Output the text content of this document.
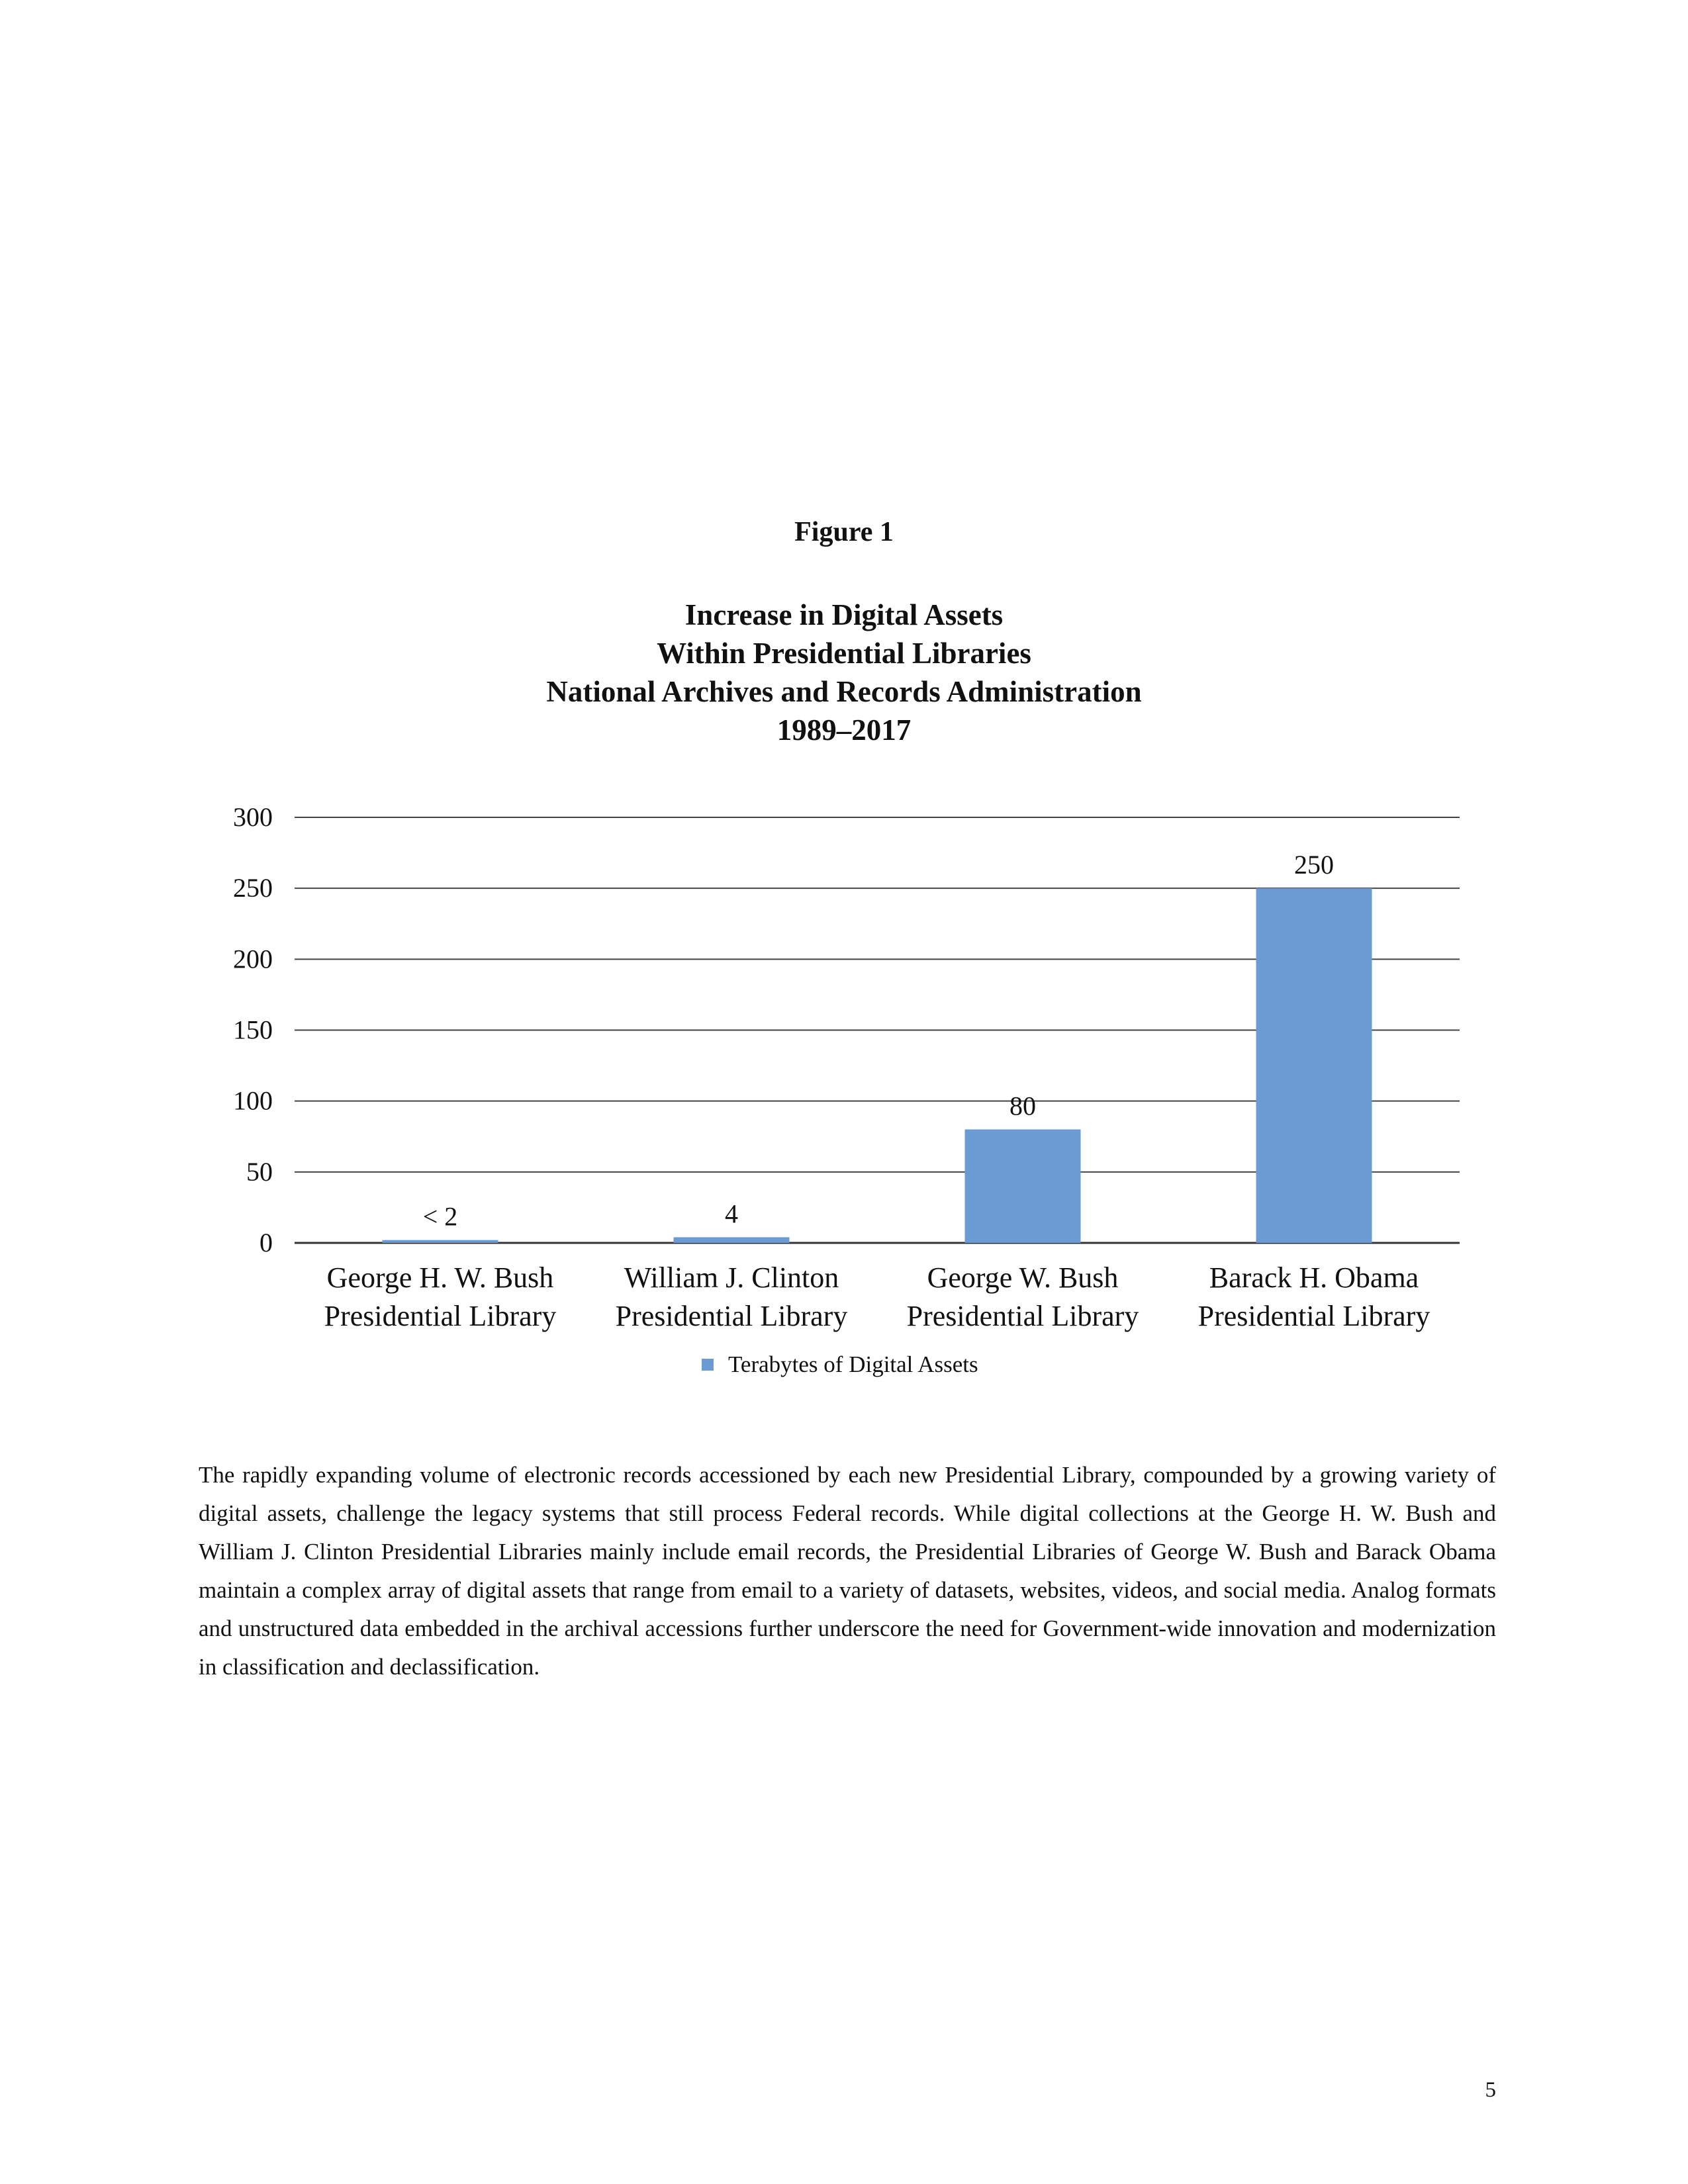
Figure 1
Increase in Digital Assets
Within Presidential Libraries
National Archives and Records Administration
1989–2017
0
50
100
150
200
250
300
< 2
George H. W. Bush
Presidential Library
4
William J. Clinton
Presidential Library
80
George W. Bush
Presidential Library
250
Barack H. Obama
Presidential Library
Terabytes of Digital Assets

The rapidly expanding volume of electronic records accessioned by each new Presidential Library, compounded by a growing variety of digital assets, challenge the legacy systems that still process Federal records. While digital collections at the George H. W. Bush and William J. Clinton Presidential Libraries mainly include email records, the Presidential Libraries of George W. Bush and Barack Obama maintain a complex array of digital assets that range from email to a variety of datasets, websites, videos, and social media. Analog formats and unstructured data embedded in the archival accessions further underscore the need for Government-wide innovation and modernization in classification and declassification.

5
